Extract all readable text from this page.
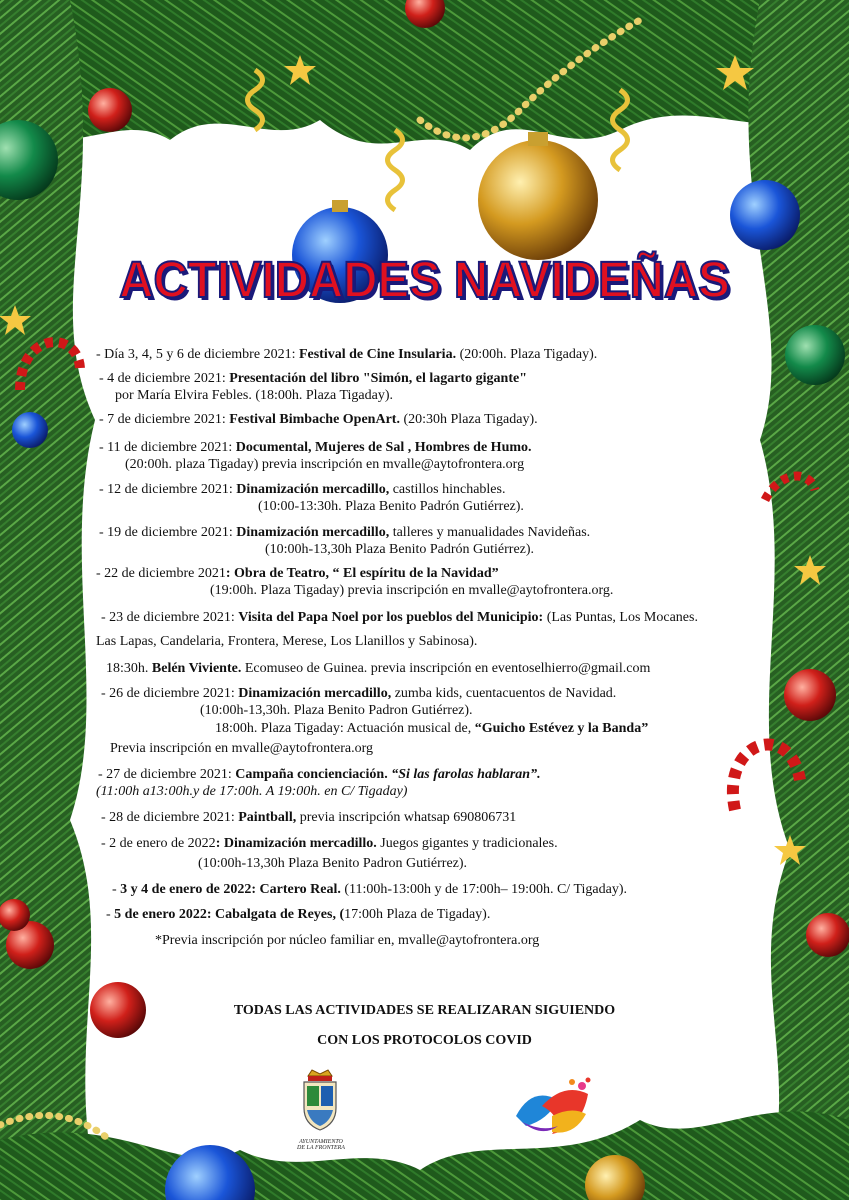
ACTIVIDADES NAVIDEÑAS
- Día 3, 4, 5 y 6 de diciembre 2021: Festival de Cine Insularia. (20:00h. Plaza Tigaday).
- 4 de diciembre 2021: Presentación del libro "Simón, el lagarto gigante"
por María Elvira Febles. (18:00h. Plaza Tigaday).
- 7 de diciembre 2021: Festival Bimbache OpenArt. (20:30h Plaza Tigaday).
- 11 de diciembre 2021: Documental, Mujeres de Sal , Hombres de Humo.
(20:00h. plaza Tigaday) previa inscripción en mvalle@aytofrontera.org
- 12 de diciembre 2021: Dinamización mercadillo, castillos hinchables.
(10:00-13:30h. Plaza Benito Padrón Gutiérrez).
- 19 de diciembre 2021: Dinamización mercadillo, talleres y manualidades Navideñas.
(10:00h-13,30h Plaza Benito Padrón Gutiérrez).
- 22 de diciembre 2021: Obra de Teatro, “ El espíritu de la Navidad”
(19:00h. Plaza Tigaday) previa inscripción en mvalle@aytofrontera.org.
- 23 de diciembre 2021: Visita del Papa Noel por los pueblos del Municipio: (Las Puntas, Los Mocanes.
Las Lapas, Candelaria, Frontera, Merese, Los Llanillos y Sabinosa).
18:30h. Belén Viviente. Ecomuseo de Guinea. previa inscripción en eventoselhierro@gmail.com
- 26 de diciembre 2021: Dinamización mercadillo, zumba kids, cuentacuentos de Navidad.
(10:00h-13,30h. Plaza Benito Padron Gutiérrez).
18:00h. Plaza Tigaday: Actuación musical de, “Guicho Estévez y la Banda”
Previa inscripción en mvalle@aytofrontera.org
- 27 de diciembre 2021: Campaña concienciación. “Si las farolas hablaran”.
(11:00h a13:00h.y de 17:00h. A 19:00h. en C/ Tigaday)
- 28 de diciembre 2021: Paintball, previa inscripción whatsap 690806731
- 2 de enero de 2022: Dinamización mercadillo. Juegos gigantes y tradicionales.
(10:00h-13,30h Plaza Benito Padron Gutiérrez).
- 3 y 4 de enero de 2022: Cartero Real. (11:00h-13:00h y de 17:00h– 19:00h. C/ Tigaday).
- 5 de enero 2022: Cabalgata de Reyes, (17:00h Plaza de Tigaday).
*Previa inscripción por núcleo familiar en, mvalle@aytofrontera.org
TODAS LAS ACTIVIDADES SE REALIZARAN SIGUIENDO
CON LOS PROTOCOLOS COVID
AYUNTAMIENTO DE LA FRONTERA
